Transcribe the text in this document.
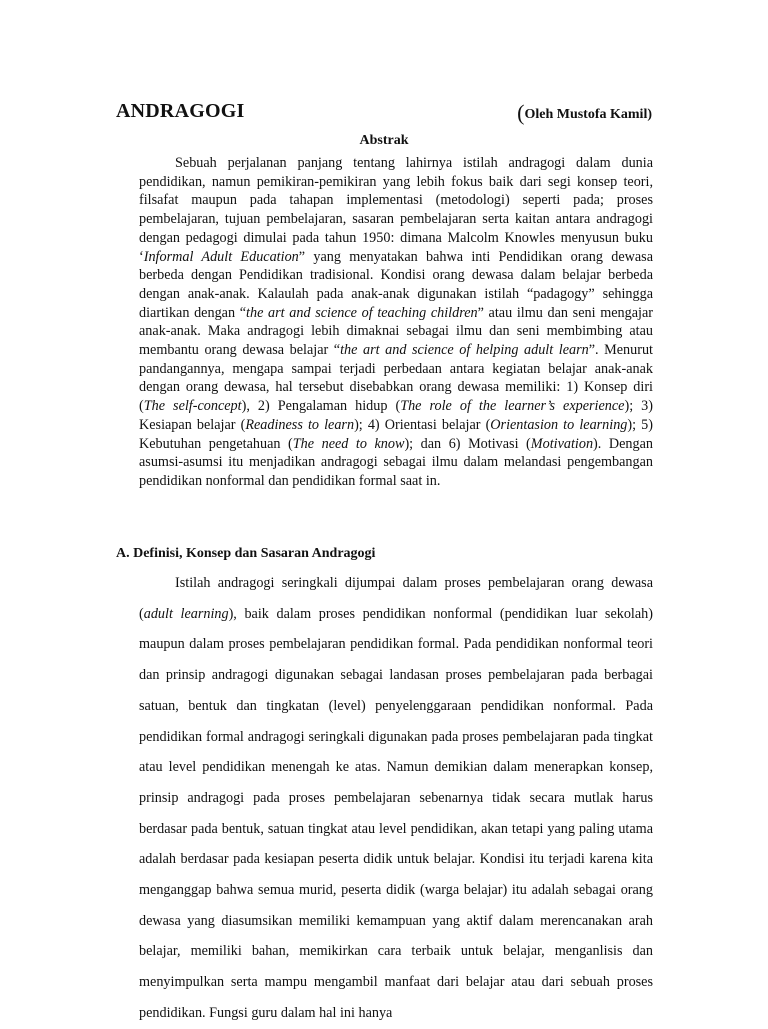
ANDRAGOGI	(Oleh Mustofa Kamil)
Abstrak

Sebuah perjalanan panjang tentang lahirnya istilah andragogi dalam dunia pendidikan, namun pemikiran-pemikiran yang lebih fokus baik dari segi konsep teori, filsafat maupun pada tahapan implementasi (metodologi) seperti pada; proses pembelajaran, tujuan pembelajaran, sasaran pembelajaran serta kaitan antara andragogi dengan pedagogi dimulai pada tahun 1950: dimana Malcolm Knowles menyusun buku ‘Informal Adult Education” yang menyatakan bahwa inti Pendidikan orang dewasa berbeda dengan Pendidikan tradisional. Kondisi orang dewasa dalam belajar berbeda dengan anak-anak. Kalaulah pada anak-anak digunakan istilah “padagogy” sehingga diartikan dengan “the art and science of teaching children” atau ilmu dan seni mengajar anak-anak. Maka andragogi lebih dimaknai sebagai ilmu dan seni membimbing atau membantu orang dewasa belajar “the art and science of helping adult learn”. Menurut pandangannya, mengapa sampai terjadi perbedaan antara kegiatan belajar anak-anak dengan orang dewasa, hal tersebut disebabkan orang dewasa memiliki: 1) Konsep diri (The self-concept), 2) Pengalaman hidup (The role of the learner’s experience); 3) Kesiapan belajar (Readiness to learn); 4) Orientasi belajar (Orientasion to learning); 5) Kebutuhan pengetahuan (The need to know); dan 6) Motivasi (Motivation). Dengan asumsi-asumsi itu menjadikan andragogi sebagai ilmu dalam melandasi pengembangan pendidikan nonformal dan pendidikan formal saat in.

A. Definisi, Konsep dan Sasaran Andragogi

Istilah andragogi seringkali dijumpai dalam proses pembelajaran orang dewasa (adult learning), baik dalam proses pendidikan nonformal (pendidikan luar sekolah) maupun dalam proses pembelajaran pendidikan formal. Pada pendidikan nonformal teori dan prinsip andragogi digunakan sebagai landasan proses pembelajaran pada berbagai satuan, bentuk dan tingkatan (level) penyelenggaraan pendidikan nonformal. Pada pendidikan formal andragogi seringkali digunakan pada proses pembelajaran pada tingkat atau level pendidikan menengah ke atas. Namun demikian dalam menerapkan konsep, prinsip andragogi pada proses pembelajaran sebenarnya tidak secara mutlak harus berdasar pada bentuk, satuan tingkat atau level pendidikan, akan tetapi yang paling utama adalah berdasar pada kesiapan peserta didik untuk belajar. Kondisi itu terjadi karena kita menganggap bahwa semua murid, peserta didik (warga belajar) itu adalah sebagai orang dewasa yang diasumsikan memiliki kemampuan yang aktif dalam merencanakan arah belajar, memiliki bahan, memikirkan cara terbaik untuk belajar, menganlisis dan menyimpulkan serta mampu mengambil manfaat dari belajar atau dari sebuah proses pendidikan. Fungsi guru dalam hal ini hanya
